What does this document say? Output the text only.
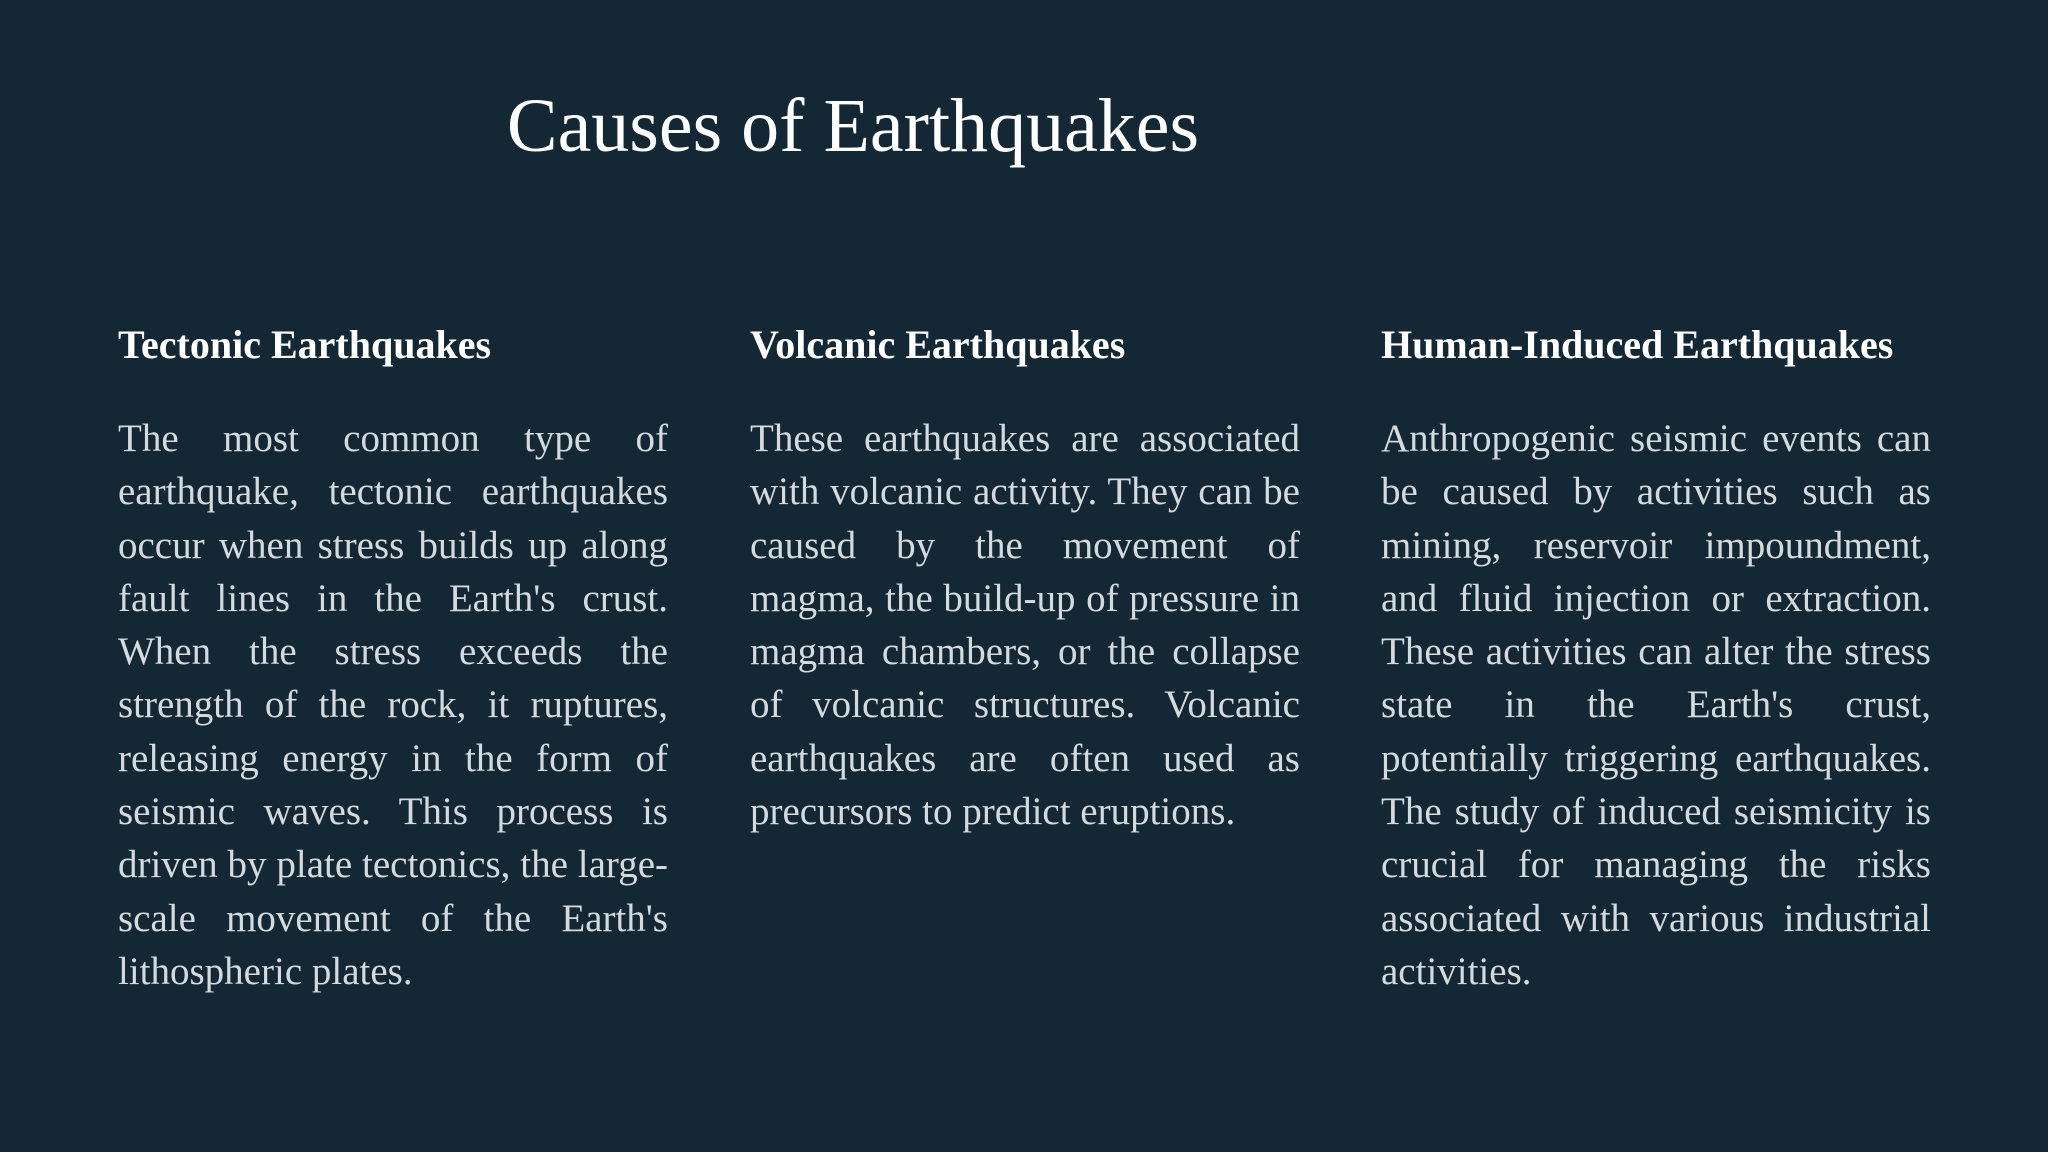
Causes of Earthquakes
Tectonic Earthquakes

The most common type of earthquake, tectonic earthquakes occur when stress builds up along fault lines in the Earth's crust. When the stress exceeds the strength of the rock, it ruptures, releasing energy in the form of seismic waves. This process is driven by plate tectonics, the large-scale movement of the Earth's lithospheric plates.

Volcanic Earthquakes

These earthquakes are associated with volcanic activity. They can be caused by the movement of magma, the build-up of pressure in magma chambers, or the collapse of volcanic structures. Volcanic earthquakes are often used as precursors to predict eruptions.

Human-Induced Earthquakes

Anthropogenic seismic events can be caused by activities such as mining, reservoir impoundment, and fluid injection or extraction. These activities can alter the stress state in the Earth's crust, potentially triggering earthquakes. The study of induced seismicity is crucial for managing the risks associated with various industrial activities.
